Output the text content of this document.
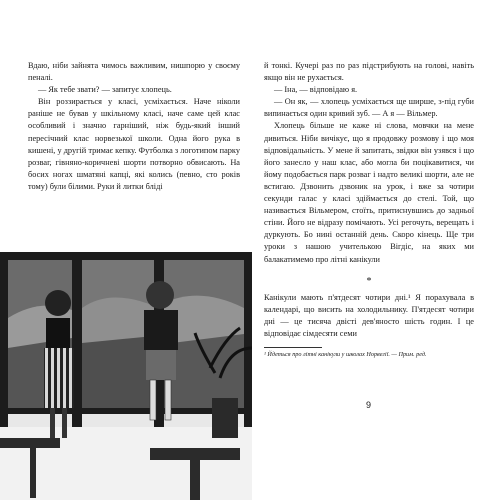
Вдаю, ніби зайнята чимось важливим, нишпорю у своєму пеналі.

— Як тебе звати? — запитує хлопець.

Він роззирається у класі, усміхається. Наче ніколи раніше не бував у шкільному класі, наче саме цей клас особливий і значно гарніший, ніж будь-який інший пересічний клас норвезької школи. Одна його рука в кишені, у другій тримає кепку. Футболка з логотипом парку розваг, гівняно-коричневі шорти потворно обвисають. На босих ногах шматяні капці, які колись (певно, сто років тому) були білими. Руки й литки бліді

й тонкі. Кучері раз по раз підстрибують на голові, навіть якщо він не рухається.

— Іна, — відповідаю я.

— Он як, — хлопець усміхається ще ширше, з-під губи випинається один кривий зуб. — А я — Вільмер.

Хлопець більше не каже ні слова, мовчки на мене дивиться. Ніби вичікує, що я продовжу розмову і що моя відповідальність. У мене й запитать, звідки він узявся і що його занесло у наш клас, або могла би поцікавитися, чи йому подобається парк розваг і надто великі шорти, але не встигаю. Дзвонить дзвоник на урок, і вже за чотири секунди галас у класі здіймається до стелі. Той, що називається Вільмером, стоїть, притиснувшись до задньої стіни. Його не відразу помічають. Усі регочуть, верещать і дуркують. Бо нині останній день. Скоро кінець. Ще три уроки з нашою учителькою Вігдіс, на яких ми балакатимемо про літні канікули

*

Канікули мають п'ятдесят чотири дні.¹ Я порахувала в календарі, що висить на холодильнику. П'ятдесят чотири дні — це тисяча двісті дев'яносто шість годин. І це відповідає сімдесяти семи

¹ Йдеться про літні канікули у школах Норвегії. — Прим. ред.
9
